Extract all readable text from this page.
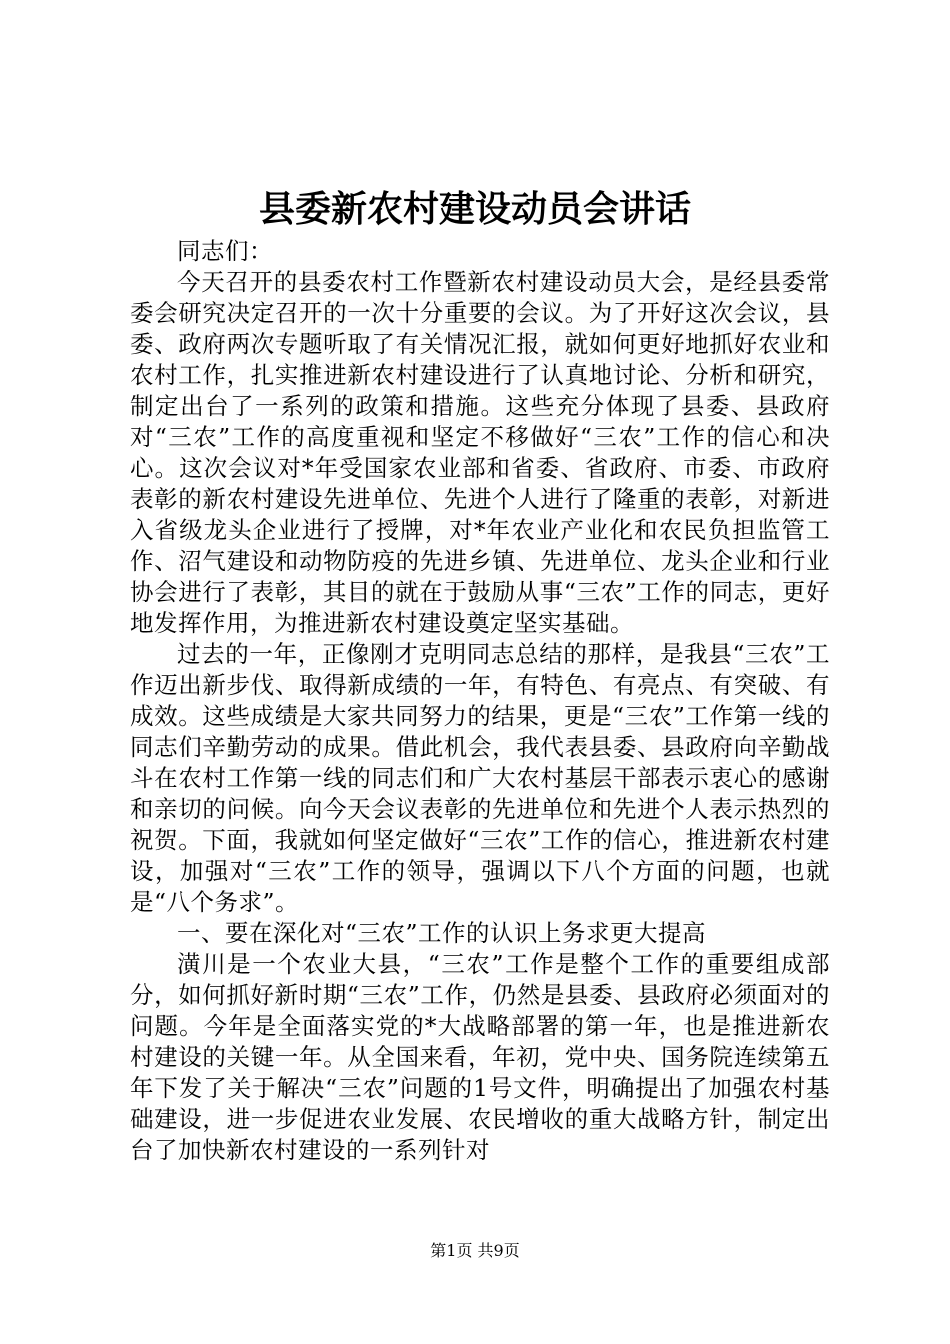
县委新农村建设动员会讲话

同志们：

今天召开的县委农村工作暨新农村建设动员大会，是经县委常委会研究决定召开的一次十分重要的会议。为了开好这次会议，县委、政府两次专题听取了有关情况汇报，就如何更好地抓好农业和农村工作，扎实推进新农村建设进行了认真地讨论、分析和研究，制定出台了一系列的政策和措施。这些充分体现了县委、县政府对“三农”工作的高度重视和坚定不移做好“三农”工作的信心和决心。这次会议对*年受国家农业部和省委、省政府、市委、市政府表彰的新农村建设先进单位、先进个人进行了隆重的表彰，对新进入省级龙头企业进行了授牌，对*年农业产业化和农民负担监管工作、沼气建设和动物防疫的先进乡镇、先进单位、龙头企业和行业协会进行了表彰，其目的就在于鼓励从事“三农”工作的同志，更好地发挥作用，为推进新农村建设奠定坚实基础。

过去的一年，正像刚才克明同志总结的那样，是我县“三农”工作迈出新步伐、取得新成绩的一年，有特色、有亮点、有突破、有成效。这些成绩是大家共同努力的结果，更是“三农”工作第一线的同志们辛勤劳动的成果。借此机会，我代表县委、县政府向辛勤战斗在农村工作第一线的同志们和广大农村基层干部表示衷心的感谢和亲切的问候。向今天会议表彰的先进单位和先进个人表示热烈的祝贺。下面，我就如何坚定做好“三农”工作的信心，推进新农村建设，加强对“三农”工作的领导，强调以下八个方面的问题，也就是“八个务求”。

一、要在深化对“三农”工作的认识上务求更大提高

潢川是一个农业大县，“三农”工作是整个工作的重要组成部分，如何抓好新时期“三农”工作，仍然是县委、县政府必须面对的问题。今年是全面落实党的*大战略部署的第一年，也是推进新农村建设的关键一年。从全国来看，年初，党中央、国务院连续第五年下发了关于解决“三农”问题的1号文件，明确提出了加强农村基础建设，进一步促进农业发展、农民增收的重大战略方针，制定出台了加快新农村建设的一系列针对

第1页 共9页
